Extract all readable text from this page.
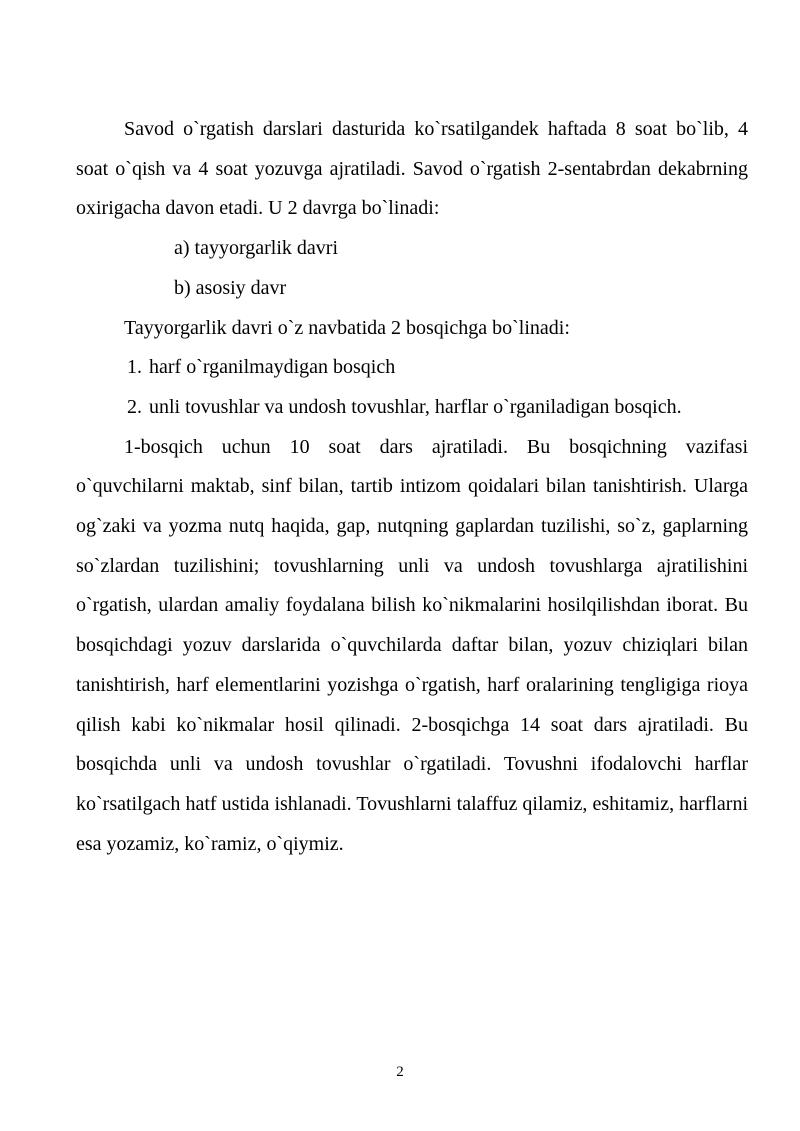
Savod o`rgatish darslari dasturida ko`rsatilgandek haftada 8 soat bo`lib, 4 soat o`qish va 4 soat yozuvga ajratiladi. Savod o`rgatish 2-sentabrdan dekabrning oxirigacha davon etadi. U 2 davrga bo`linadi:

a) tayyorgarlik davri
b) asosiy davr

Tayyorgarlik davri o`z navbatida 2 bosqichga bo`linadi:

1. harf o`rganilmaydigan bosqich
2. unli tovushlar va undosh tovushlar, harflar o`rganiladigan bosqich.

1-bosqich uchun 10 soat dars ajratiladi. Bu bosqichning vazifasi o`quvchilarni maktab, sinf bilan, tartib intizom qoidalari bilan tanishtirish. Ularga og`zaki va yozma nutq haqida, gap, nutqning gaplardan tuzilishi, so`z, gaplarning so`zlardan tuzilishini; tovushlarning unli va undosh tovushlarga ajratilishini o`rgatish, ulardan amaliy foydalana bilish ko`nikmalarini hosilqilishdan iborat. Bu bosqichdagi yozuv darslarida o`quvchilarda daftar bilan, yozuv chiziqlari bilan tanishtirish, harf elementlarini yozishga o`rgatish, harf oralarining tengligiga rioya qilish kabi ko`nikmalar hosil qilinadi. 2-bosqichga 14 soat dars ajratiladi. Bu bosqichda unli va undosh tovushlar o`rgatiladi. Tovushni ifodalovchi harflar ko`rsatilgach hatf ustida ishlanadi. Tovushlarni talaffuz qilamiz, eshitamiz, harflarni esa yozamiz, ko`ramiz, o`qiymiz.

2
